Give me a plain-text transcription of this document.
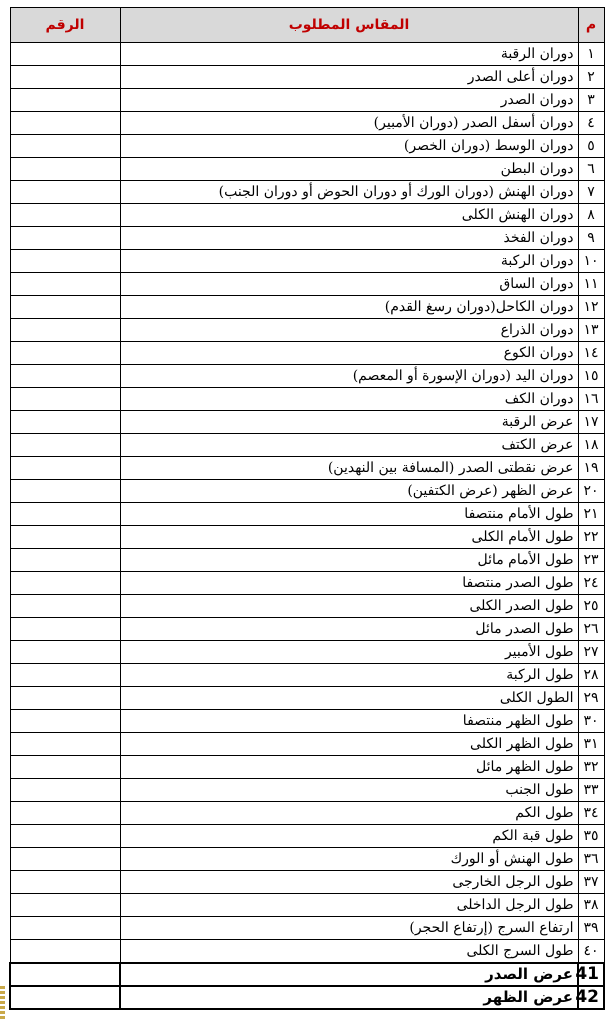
م	المقاس المطلوب	الرقم
١	دوران الرقبة	
٢	دوران أعلى الصدر	
٣	دوران الصدر	
٤	دوران أسفل الصدر (دوران الأمبير)	
٥	دوران الوسط (دوران الخصر)	
٦	دوران البطن	
٧	دوران الهنش (دوران الورك أو دوران الحوض أو دوران الجنب)	
٨	دوران الهنش الكلى	
٩	دوران الفخذ	
١٠	دوران الركبة	
١١	دوران الساق	
١٢	دوران الكاحل(دوران رسغ القدم)	
١٣	دوران الذراع	
١٤	دوران الكوع	
١٥	دوران اليد (دوران الإسورة أو المعصم)	
١٦	دوران الكف	
١٧	عرض الرقبة	
١٨	عرض الكتف	
١٩	عرض نقطتى الصدر (المسافة بين النهدين)	
٢٠	عرض الظهر (عرض الكتفين)	
٢١	طول الأمام منتصفا	
٢٢	طول الأمام الكلى	
٢٣	طول الأمام مائل	
٢٤	طول الصدر منتصفا	
٢٥	طول الصدر الكلى	
٢٦	طول الصدر مائل	
٢٧	طول الأمبير	
٢٨	طول الركبة	
٢٩	الطول الكلى	
٣٠	طول الظهر منتصفا	
٣١	طول الظهر الكلى	
٣٢	طول الظهر مائل	
٣٣	طول الجنب	
٣٤	طول الكم	
٣٥	طول قبة الكم	
٣٦	طول الهنش أو الورك	
٣٧	طول الرجل الخارجى	
٣٨	طول الرجل الداخلى	
٣٩	ارتفاع السرج (إرتفاع الحجر)	
٤٠	طول السرج الكلى	
41	عرض الصدر	
42	عرض الظهر	
